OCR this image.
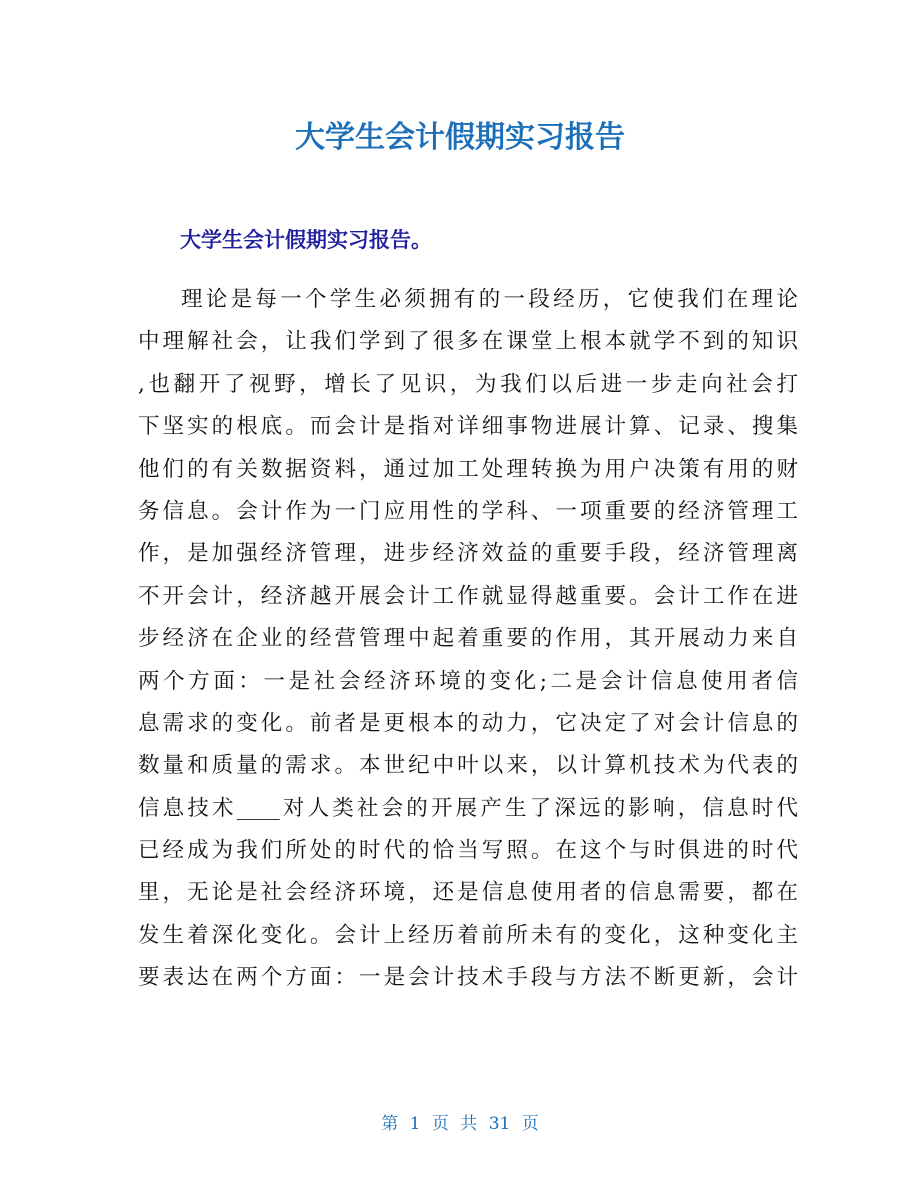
大学生会计假期实习报告
大学生会计假期实习报告。
理论是每一个学生必须拥有的一段经历，它使我们在理论
中理解社会，让我们学到了很多在课堂上根本就学不到的知识
,也翻开了视野，增长了见识，为我们以后进一步走向社会打
下坚实的根底。而会计是指对详细事物进展计算、记录、搜集
他们的有关数据资料，通过加工处理转换为用户决策有用的财
务信息。会计作为一门应用性的学科、一项重要的经济管理工
作，是加强经济管理，进步经济效益的重要手段，经济管理离
不开会计，经济越开展会计工作就显得越重要。会计工作在进
步经济在企业的经营管理中起着重要的作用，其开展动力来自
两个方面：一是社会经济环境的变化;二是会计信息使用者信
息需求的变化。前者是更根本的动力，它决定了对会计信息的
数量和质量的需求。本世纪中叶以来，以计算机技术为代表的
信息技术____对人类社会的开展产生了深远的影响，信息时代
已经成为我们所处的时代的恰当写照。在这个与时俱进的时代
里，无论是社会经济环境，还是信息使用者的信息需要，都在
发生着深化变化。会计上经历着前所未有的变化，这种变化主
要表达在两个方面：一是会计技术手段与方法不断更新，会计
第 1 页 共 31 页
